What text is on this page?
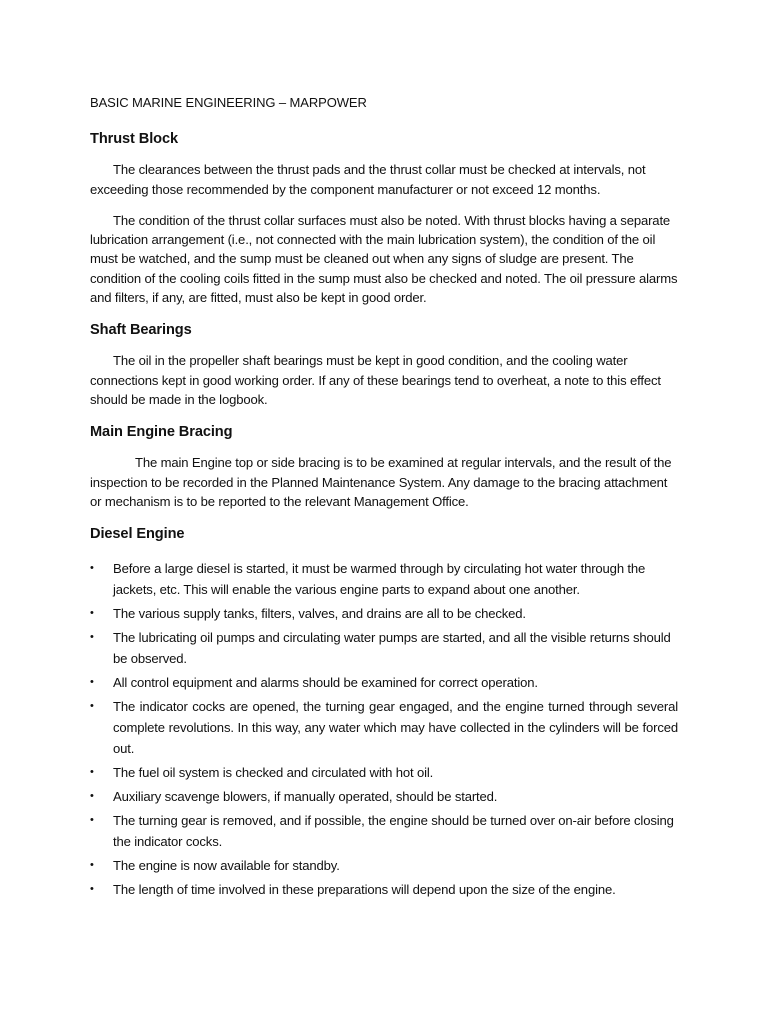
BASIC MARINE ENGINEERING – MARPOWER
Thrust Block

The clearances between the thrust pads and the thrust collar must be checked at intervals, not exceeding those recommended by the component manufacturer or not exceed 12 months.

The condition of the thrust collar surfaces must also be noted. With thrust blocks having a separate lubrication arrangement (i.e., not connected with the main lubrication system), the condition of the oil must be watched, and the sump must be cleaned out when any signs of sludge are present. The condition of the cooling coils fitted in the sump must also be checked and noted. The oil pressure alarms and filters, if any, are fitted, must also be kept in good order.

Shaft Bearings

The oil in the propeller shaft bearings must be kept in good condition, and the cooling water connections kept in good working order. If any of these bearings tend to overheat, a note to this effect should be made in the logbook.

Main Engine Bracing

The main Engine top or side bracing is to be examined at regular intervals, and the result of the inspection to be recorded in the Planned Maintenance System. Any damage to the bracing attachment or mechanism is to be reported to the relevant Management Office.

Diesel Engine
•	Before a large diesel is started, it must be warmed through by circulating hot water through the jackets, etc. This will enable the various engine parts to expand about one another.
•	The various supply tanks, filters, valves, and drains are all to be checked.
•	The lubricating oil pumps and circulating water pumps are started, and all the visible returns should be observed.
•	All control equipment and alarms should be examined for correct operation.
•	The indicator cocks are opened, the turning gear engaged, and the engine turned through several complete revolutions. In this way, any water which may have collected in the cylinders will be forced out.
•	The fuel oil system is checked and circulated with hot oil.
•	Auxiliary scavenge blowers, if manually operated, should be started.
•	The turning gear is removed, and if possible, the engine should be turned over on-air before closing the indicator cocks.
•	The engine is now available for standby.
•	The length of time involved in these preparations will depend upon the size of the engine.
